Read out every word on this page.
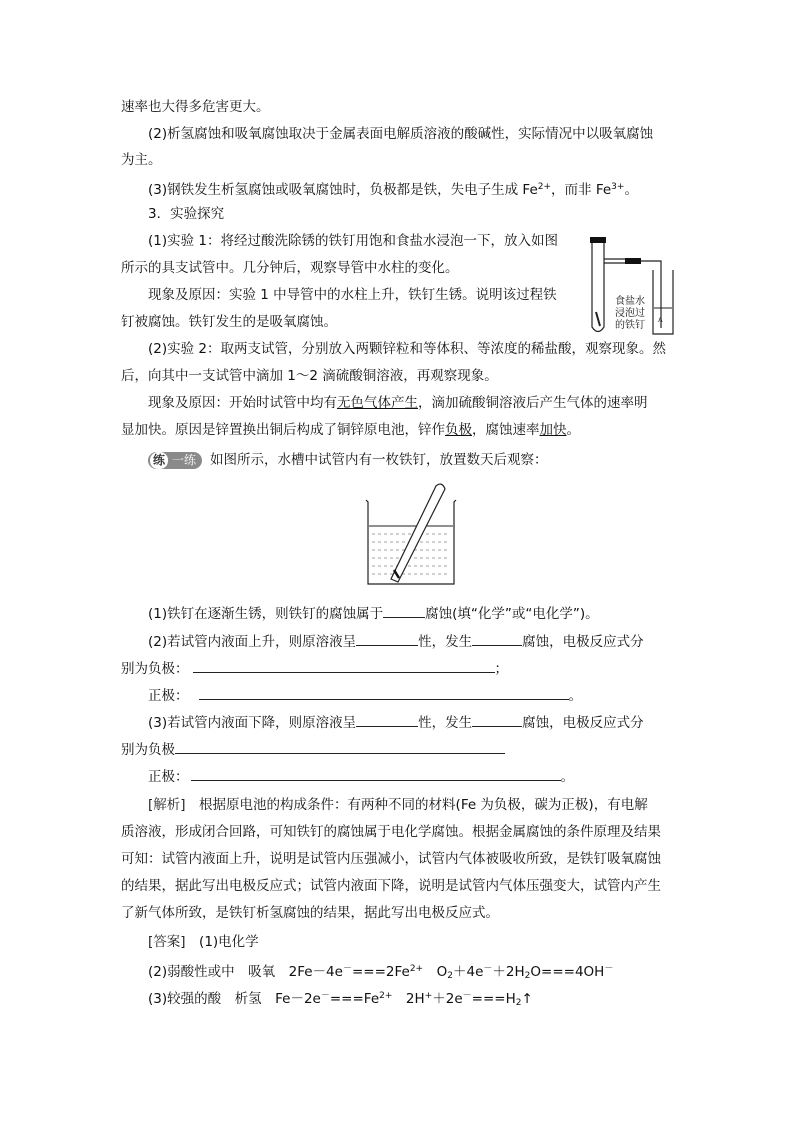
速率也大得多危害更大。
(2)析氢腐蚀和吸氧腐蚀取决于金属表面电解质溶液的酸碱性，实际情况中以吸氧腐蚀
为主。
(3)钢铁发生析氢腐蚀或吸氧腐蚀时，负极都是铁，失电子生成 $Fe^{2+}$，而非 $Fe^{3+}$。
3．实验探究
(1)实验 1：将经过酸洗除锈的铁钉用饱和食盐水浸泡一下，放入如图
所示的具支试管中。几分钟后，观察导管中水柱的变化。
现象及原因：实验 1 中导管中的水柱上升，铁钉生锈。说明该过程铁
钉被腐蚀。铁钉发生的是吸氧腐蚀。	ʌ
食盐水
浸泡过
的铁钉
(2)实验 2：取两支试管，分别放入两颗锌粒和等体积、等浓度的稀盐酸，观察现象。然
后，向其中一支试管中滴加 1～2 滴硫酸铜溶液，再观察现象。
现象及原因：开始时试管中均有无色气体产生，滴加硫酸铜溶液后产生气体的速率明
显加快。原因是锌置换出铜后构成了铜锌原电池，锌作负极，腐蚀速率加快。
练 一练 如图所示，水槽中试管内有一枚铁钉，放置数天后观察：
(1)铁钉在逐渐生锈，则铁钉的腐蚀属于	腐蚀(填“化学”或“电化学”)。
(2)若试管内液面上升，则原溶液呈	性，发生	腐蚀，电极反应式分
别为负极：	；
正极：	。
(3)若试管内液面下降，则原溶液呈	性，发生	腐蚀，电极反应式分
别为负极
正极：	。
[解析]　 根据原电池的构成条件：有两种不同的材料(Fe 为负极，碳为正极)，有电解
质溶液，形成闭合回路，可知铁钉的腐蚀属于电化学腐蚀。根据金属腐蚀的条件原理及结果
可知：试管内液面上升，说明是试管内压强减小，试管内气体被吸收所致，是铁钉吸氧腐蚀
的结果，据此写出电极反应式；试管内液面下降，说明是试管内气体压强变大，试管内产生
了新气体所致，是铁钉析氢腐蚀的结果，据此写出电极反应式。
[答案]　 (1)电化学
(2)弱酸性或中　吸氧　$2Fe-4e^-===2Fe^{2+}$　$O_2+4e^-+2H_2O===4OH^-$
(3)较强的酸　析氢　$Fe-2e^-===Fe^{2+}$　$2H^++2e^-===H_2↑$
